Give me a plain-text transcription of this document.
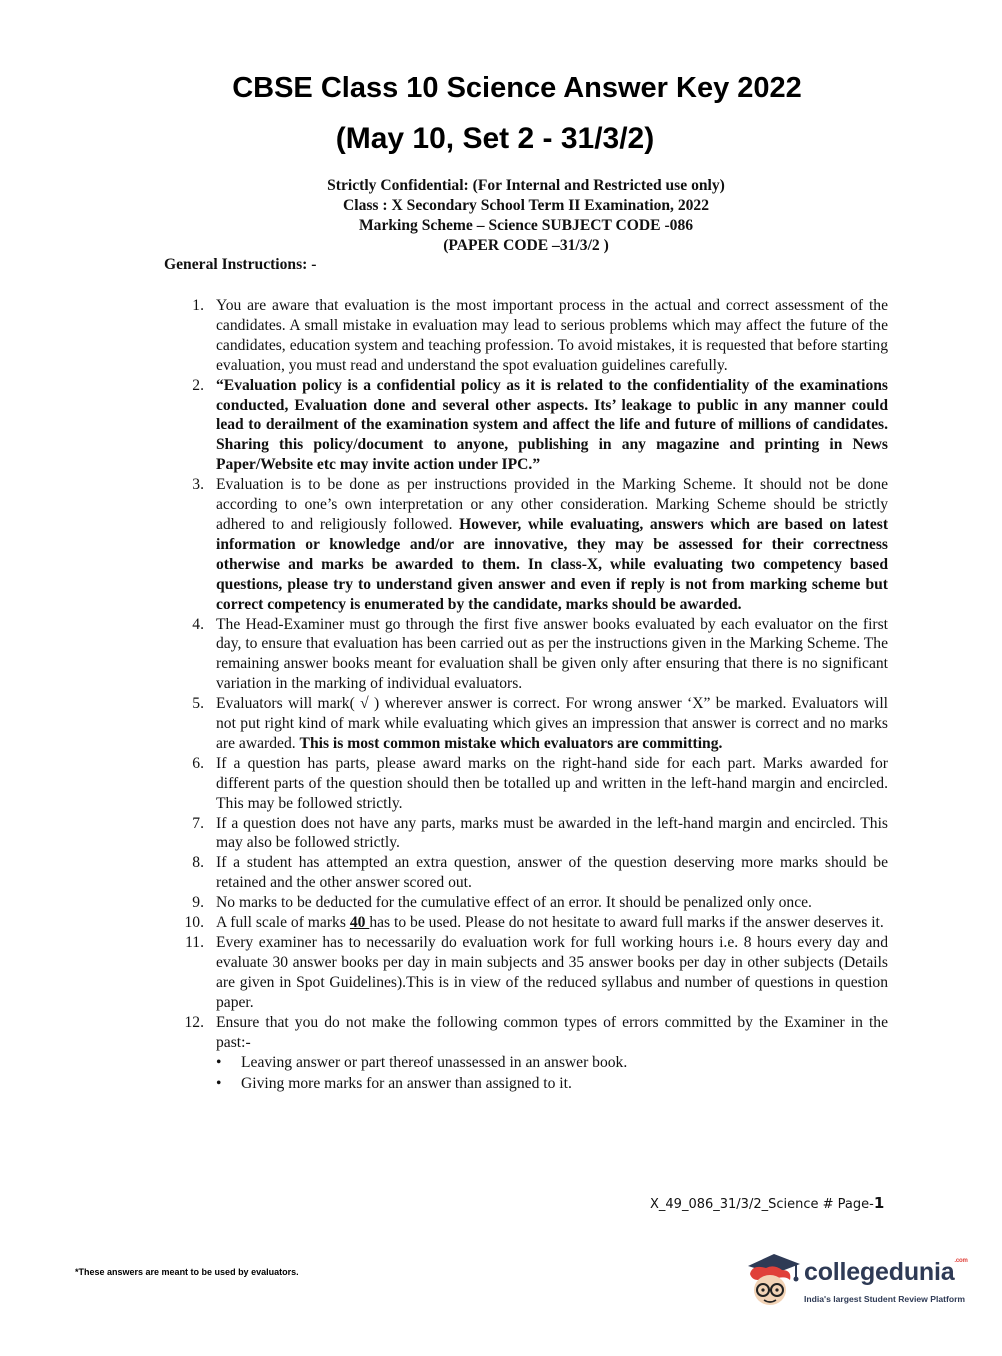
CBSE Class 10 Science Answer Key 2022
(May 10, Set 2 - 31/3/2)
Strictly Confidential: (For Internal and Restricted use only)
Class : X Secondary School Term II Examination, 2022
Marking Scheme – Science SUBJECT CODE -086
(PAPER CODE –31/3/2 )
General Instructions: -
1. You are aware that evaluation is the most important process in the actual and correct assessment of the candidates. A small mistake in evaluation may lead to serious problems which may affect the future of the candidates, education system and teaching profession. To avoid mistakes, it is requested that before starting evaluation, you must read and understand the spot evaluation guidelines carefully.
2. “Evaluation policy is a confidential policy as it is related to the confidentiality of the examinations conducted, Evaluation done and several other aspects. Its’ leakage to public in any manner could lead to derailment of the examination system and affect the life and future of millions of candidates. Sharing this policy/document to anyone, publishing in any magazine and printing in News Paper/Website etc may invite action under IPC.”
3. Evaluation is to be done as per instructions provided in the Marking Scheme. It should not be done according to one’s own interpretation or any other consideration. Marking Scheme should be strictly adhered to and religiously followed. However, while evaluating, answers which are based on latest information or knowledge and/or are innovative, they may be assessed for their correctness otherwise and marks be awarded to them. In class-X, while evaluating two competency based questions, please try to understand given answer and even if reply is not from marking scheme but correct competency is enumerated by the candidate, marks should be awarded.
4. The Head-Examiner must go through the first five answer books evaluated by each evaluator on the first day, to ensure that evaluation has been carried out as per the instructions given in the Marking Scheme. The remaining answer books meant for evaluation shall be given only after ensuring that there is no significant variation in the marking of individual evaluators.
5. Evaluators will mark( √ ) wherever answer is correct. For wrong answer ‘X” be marked. Evaluators will not put right kind of mark while evaluating which gives an impression that answer is correct and no marks are awarded. This is most common mistake which evaluators are committing.
6. If a question has parts, please award marks on the right-hand side for each part. Marks awarded for different parts of the question should then be totalled up and written in the left-hand margin and encircled. This may be followed strictly.
7. If a question does not have any parts, marks must be awarded in the left-hand margin and encircled. This may also be followed strictly.
8. If a student has attempted an extra question, answer of the question deserving more marks should be retained and the other answer scored out.
9. No marks to be deducted for the cumulative effect of an error. It should be penalized only once.
10. A full scale of marks 40 has to be used. Please do not hesitate to award full marks if the answer deserves it.
11. Every examiner has to necessarily do evaluation work for full working hours i.e. 8 hours every day and evaluate 30 answer books per day in main subjects and 35 answer books per day in other subjects (Details are given in Spot Guidelines).This is in view of the reduced syllabus and number of questions in question paper.
12. Ensure that you do not make the following common types of errors committed by the Examiner in the past:-
• Leaving answer or part thereof unassessed in an answer book.
• Giving more marks for an answer than assigned to it.
X_49_086_31/3/2_Science # Page-1
*These answers are meant to be used by evaluators.	collegedunia$^{.com}$
India's largest Student Review Platform
